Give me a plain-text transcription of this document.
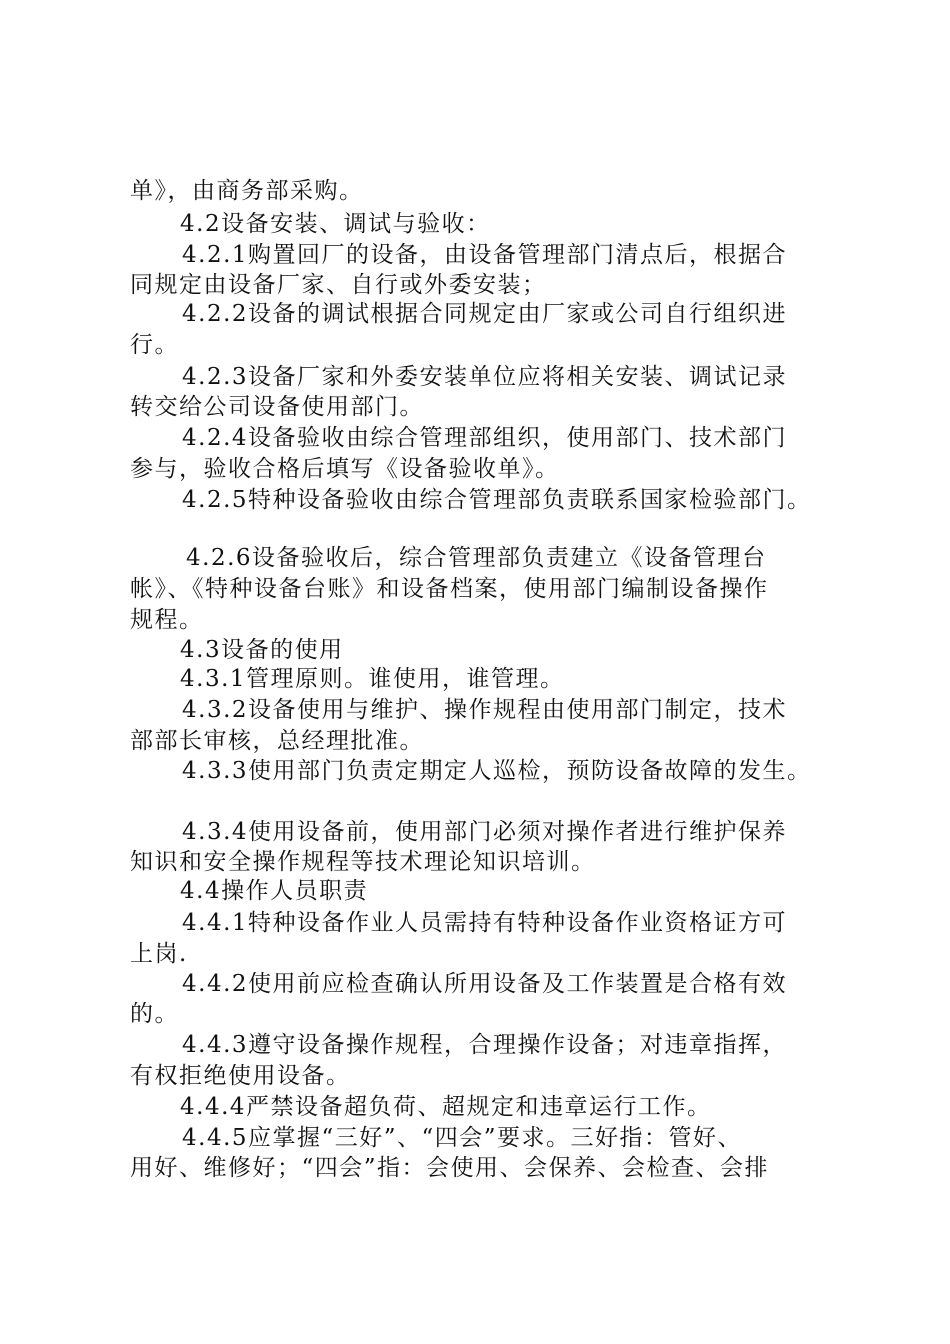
单》，由商务部采购。
4.2设备安装、调试与验收：
4.2.1购置回厂的设备，由设备管理部门清点后，根据合
同规定由设备厂家、自行或外委安装；
4.2.2设备的调试根据合同规定由厂家或公司自行组织进
行。
4.2.3设备厂家和外委安装单位应将相关安装、调试记录
转交给公司设备使用部门。
4.2.4设备验收由综合管理部组织，使用部门、技术部门
参与，验收合格后填写《设备验收单》。
4.2.5特种设备验收由综合管理部负责联系国家检验部门。
4.2.6设备验收后，综合管理部负责建立《设备管理台
帐》、《特种设备台账》和设备档案，使用部门编制设备操作
规程。
4.3设备的使用
4.3.1管理原则。谁使用，谁管理。
4.3.2设备使用与维护、操作规程由使用部门制定，技术
部部长审核，总经理批准。
4.3.3使用部门负责定期定人巡检，预防设备故障的发生。
4.3.4使用设备前，使用部门必须对操作者进行维护保养
知识和安全操作规程等技术理论知识培训。
4.4操作人员职责
4.4.1特种设备作业人员需持有特种设备作业资格证方可
上岗.
4.4.2使用前应检查确认所用设备及工作装置是合格有效
的。
4.4.3遵守设备操作规程，合理操作设备；对违章指挥，
有权拒绝使用设备。
4.4.4严禁设备超负荷、超规定和违章运行工作。
4.4.5应掌握“三好”、“四会”要求。三好指：管好、
用好、维修好；“四会”指：会使用、会保养、会检查、会排
